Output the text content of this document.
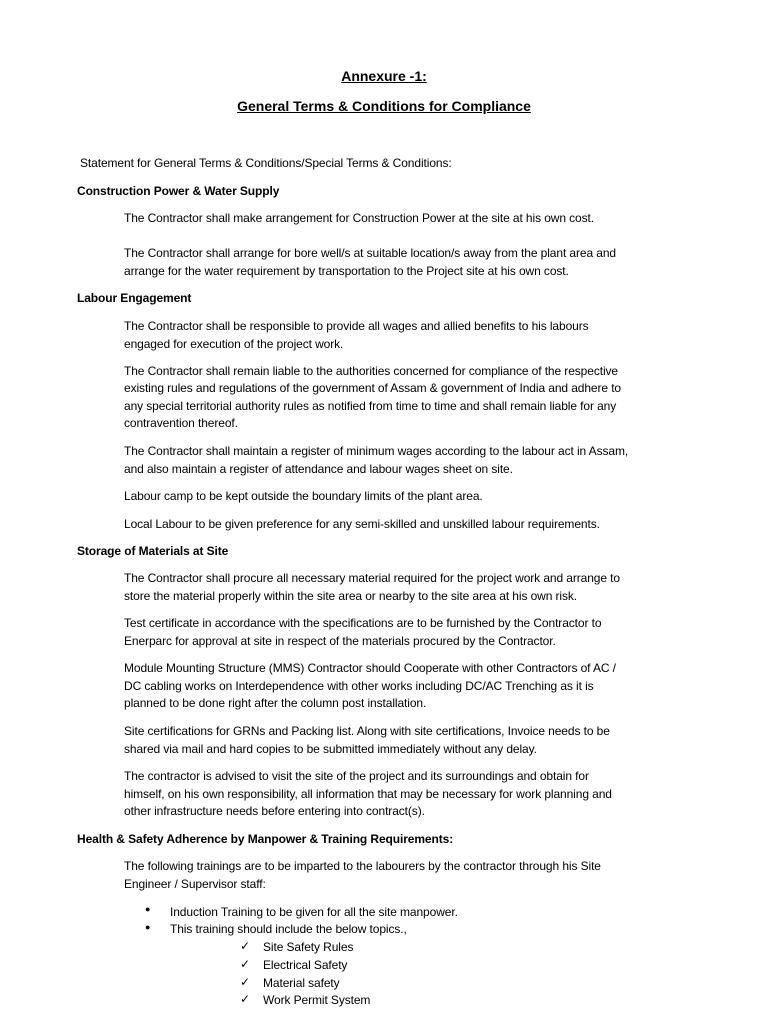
Annexure -1:
General Terms & Conditions for Compliance
Statement for General Terms & Conditions/Special Terms & Conditions:
Construction Power & Water Supply
The Contractor shall make arrangement for Construction Power at the site at his own cost.
The Contractor shall arrange for bore well/s at suitable location/s away from the plant area and
arrange for the water requirement by transportation to the Project site at his own cost.
Labour Engagement
The Contractor shall be responsible to provide all wages and allied benefits to his labours
engaged for execution of the project work.
The Contractor shall remain liable to the authorities concerned for compliance of the respective
existing rules and regulations of the government of Assam & government of India and adhere to
any special territorial authority rules as notified from time to time and shall remain liable for any
contravention thereof.
The Contractor shall maintain a register of minimum wages according to the labour act in Assam,
and also maintain a register of attendance and labour wages sheet on site.
Labour camp to be kept outside the boundary limits of the plant area.
Local Labour to be given preference for any semi-skilled and unskilled labour requirements.
Storage of Materials at Site
The Contractor shall procure all necessary material required for the project work and arrange to
store the material properly within the site area or nearby to the site area at his own risk.
Test certificate in accordance with the specifications are to be furnished by the Contractor to
Enerparc for approval at site in respect of the materials procured by the Contractor.
Module Mounting Structure (MMS) Contractor should Cooperate with other Contractors of AC /
DC cabling works on Interdependence with other works including DC/AC Trenching as it is
planned to be done right after the column post installation.
Site certifications for GRNs and Packing list. Along with site certifications, Invoice needs to be
shared via mail and hard copies to be submitted immediately without any delay.
The contractor is advised to visit the site of the project and its surroundings and obtain for
himself, on his own responsibility, all information that may be necessary for work planning and
other infrastructure needs before entering into contract(s).
Health & Safety Adherence by Manpower & Training Requirements:
The following trainings are to be imparted to the labourers by the contractor through his Site
Engineer / Supervisor staff:
● Induction Training to be given for all the site manpower.
● This training should include the below topics.,
✓ Site Safety Rules
✓ Electrical Safety
✓ Material safety
✓ Work Permit System
